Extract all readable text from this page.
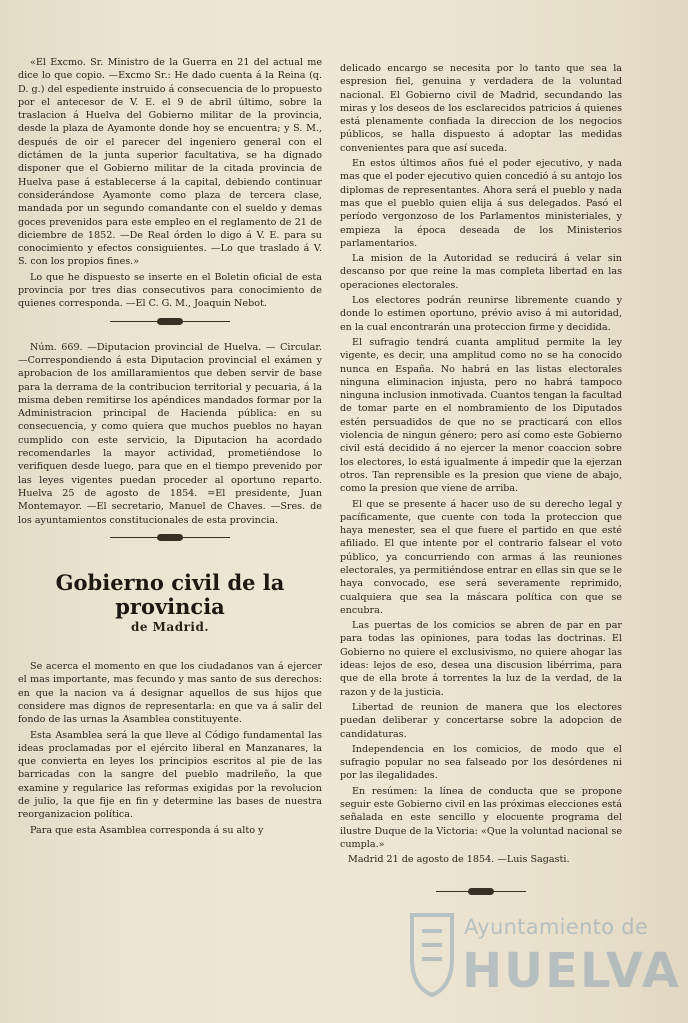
«El Excmo. Sr. Ministro de la Guerra en 21 del actual me dice lo que copio. —Excmo Sr.: He dado cuenta á la Reina (q. D. g.) del espediente instruido á consecuencia de lo propuesto por el antecesor de V. E. el 9 de abril último, sobre la traslacion á Huelva del Gobierno militar de la provincia, desde la plaza de Ayamonte donde hoy se encuentra; y S. M., después de oir el parecer del ingeniero general con el dictámen de la junta superior facultativa, se ha dignado disponer que el Gobierno militar de la citada provincia de Huelva pase á establecerse á la capital, debiendo continuar considerándose Ayamonte como plaza de tercera clase, mandada por un segundo comandante con el sueldo y demas goces prevenidos para este empleo en el reglamento de 21 de diciembre de 1852. —De Real órden lo digo á V. E. para su conocimiento y efectos consiguientes. —Lo que traslado á V. S. con los propios fines.»

Lo que he dispuesto se inserte en el Boletin oficial de esta provincia por tres dias consecutivos para conocimiento de quienes corresponda. —El C. G. M., Joaquin Nebot.

Núm. 669. —Diputacion provincial de Huelva. — Circular. —Correspondiendo á esta Diputacion provincial el exámen y aprobacion de los amillaramientos que deben servir de base para la derrama de la contribucion territorial y pecuaria, á la misma deben remitirse los apéndices mandados formar por la Administracion principal de Hacienda pública: en su consecuencia, y como quiera que muchos pueblos no hayan cumplido con este servicio, la Diputacion ha acordado recomendarles la mayor actividad, prometiéndose lo verifiquen desde luego, para que en el tiempo prevenido por las leyes vigentes puedan proceder al oportuno reparto. Huelva 25 de agosto de 1854. =El presidente, Juan Montemayor. —El secretario, Manuel de Chaves. —Sres. de los ayuntamientos constitucionales de esta provincia.

Gobierno civil de la provincia
de Madrid.

Se acerca el momento en que los ciudadanos van á ejercer el mas importante, mas fecundo y mas santo de sus derechos: en que la nacion va á designar aquellos de sus hijos que considere mas dignos de representarla: en que va á salir del fondo de las urnas la Asamblea constituyente.

Esta Asamblea será la que lleve al Código fundamental las ideas proclamadas por el ejército liberal en Manzanares, la que convierta en leyes los principios escritos al pie de las barricadas con la sangre del pueblo madrileño, la que examine y regularice las reformas exigidas por la revolucion de julio, la que fije en fin y determine las bases de nuestra reorganizacion política.

Para que esta Asamblea corresponda á su alto y

delicado encargo se necesita por lo tanto que sea la espresion fiel, genuina y verdadera de la voluntad nacional. El Gobierno civil de Madrid, secundando las miras y los deseos de los esclarecidos patricios á quienes está plenamente confiada la direccion de los negocios públicos, se halla dispuesto á adoptar las medidas convenientes para que así suceda.

En estos últimos años fué el poder ejecutivo, y nada mas que el poder ejecutivo quien concedió á su antojo los diplomas de representantes. Ahora será el pueblo y nada mas que el pueblo quien elija á sus delegados. Pasó el período vergonzoso de los Parlamentos ministeriales, y empieza la época deseada de los Ministerios parlamentarios.

La mision de la Autoridad se reducirá á velar sin descanso por que reine la mas completa libertad en las operaciones electorales.

Los electores podrán reunirse libremente cuando y donde lo estimen oportuno, prévio aviso á mi autoridad, en la cual encontrarán una proteccion firme y decidida.

El sufragio tendrá cuanta amplitud permite la ley vigente, es decir, una amplitud como no se ha conocido nunca en España. No habrá en las listas electorales ninguna eliminacion injusta, pero no habrá tampoco ninguna inclusion inmotivada. Cuantos tengan la facultad de tomar parte en el nombramiento de los Diputados estén persuadidos de que no se practicará con ellos violencia de ningun género; pero así como este Gobierno civil está decidido á no ejercer la menor coaccion sobre los electores, lo está igualmente á impedir que la ejerzan otros. Tan reprensible es la presion que viene de abajo, como la presion que viene de arriba.

El que se presente á hacer uso de su derecho legal y pacíficamente, que cuente con toda la proteccion que haya menester, sea el que fuere el partido en que esté afiliado. El que intente por el contrario falsear el voto público, ya concurriendo con armas á las reuniones electorales, ya permitiéndose entrar en ellas sin que se le haya convocado, ese será severamente reprimido, cualquiera que sea la máscara política con que se encubra.

Las puertas de los comicios se abren de par en par para todas las opiniones, para todas las doctrinas. El Gobierno no quiere el exclusivismo, no quiere ahogar las ideas: lejos de eso, desea una discusion libérrima, para que de ella brote á torrentes la luz de la verdad, de la razon y de la justicia.

Libertad de reunion de manera que los electores puedan deliberar y concertarse sobre la adopcion de candidaturas.

Independencia en los comicios, de modo que el sufragio popular no sea falseado por los desórdenes ni por las ilegalidades.

En resúmen: la línea de conducta que se propone seguir este Gobierno civil en las próximas elecciones está señalada en este sencillo y elocuente programa del ilustre Duque de la Victoria: «Que la voluntad nacional se cumpla.»

Madrid 21 de agosto de 1854. —Luis Sagasti.

Ayuntamiento de
HUELVA
